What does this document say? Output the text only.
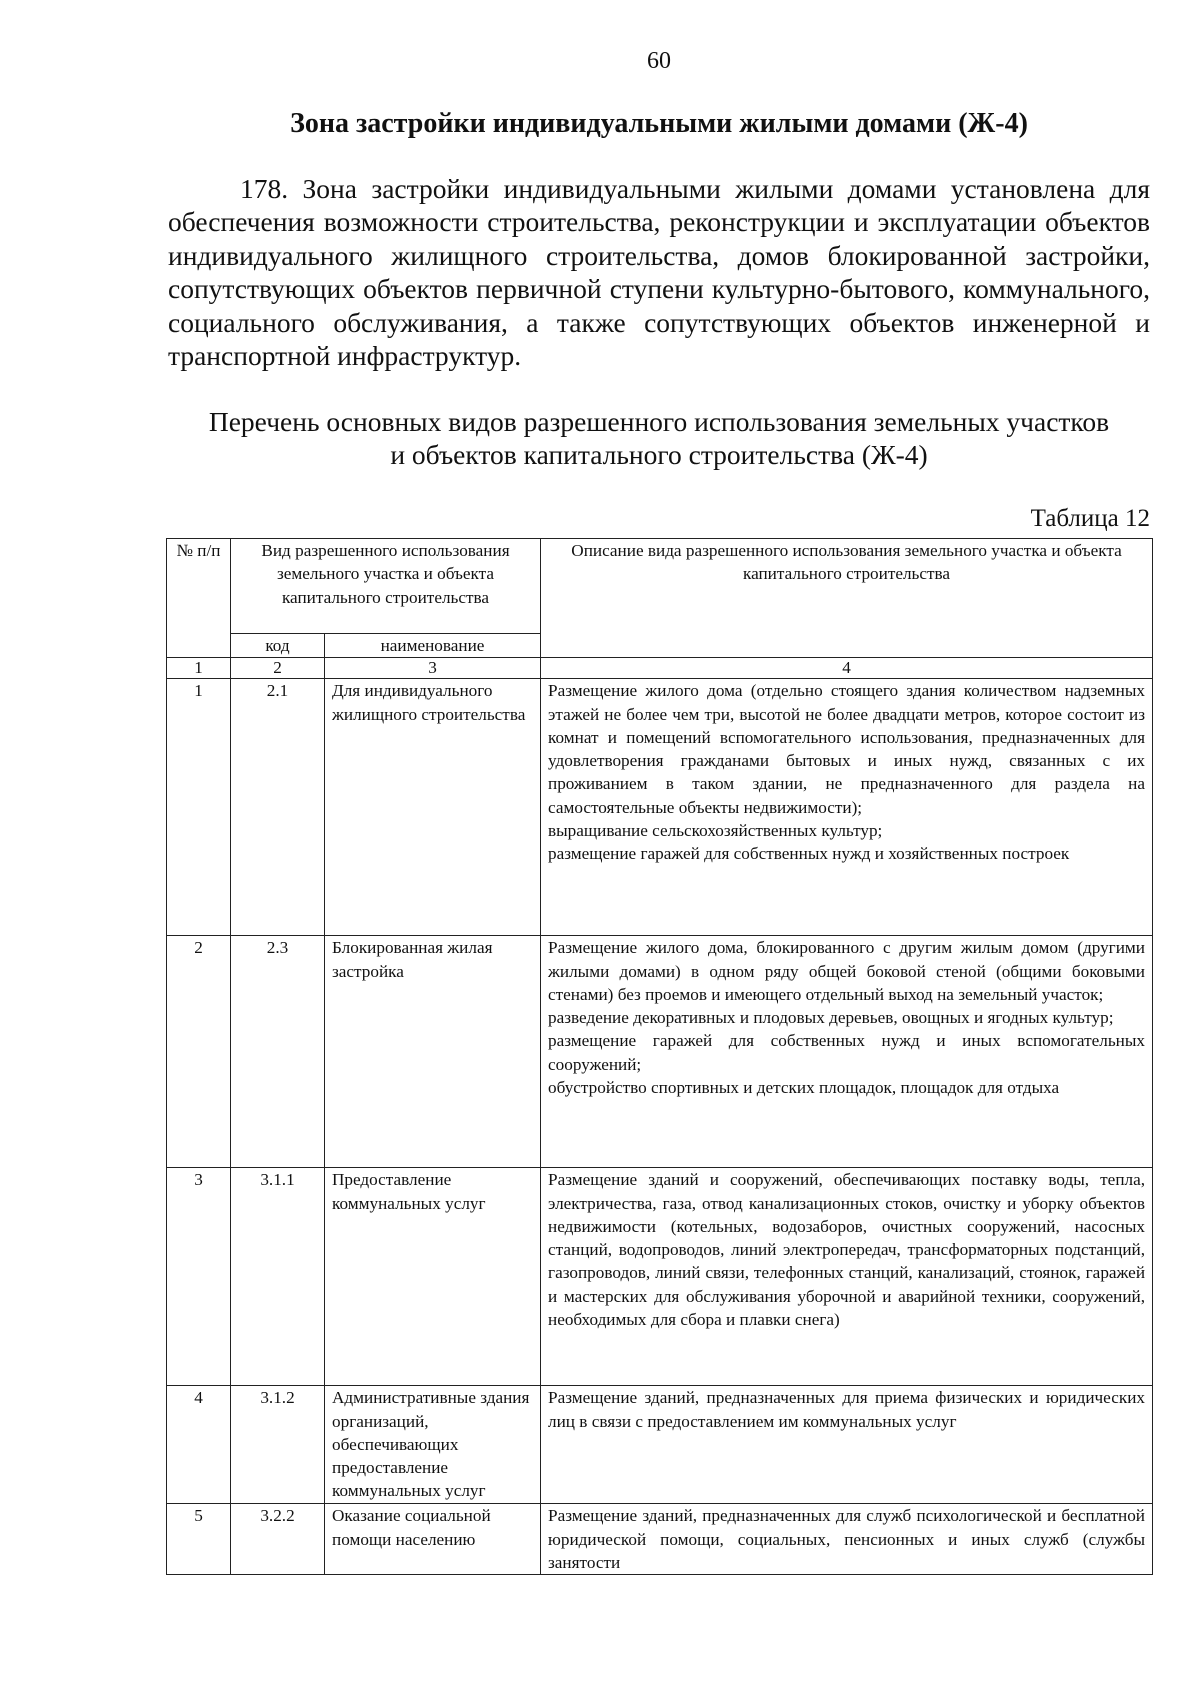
60
Зона застройки индивидуальными жилыми домами (Ж-4)

178. Зона застройки индивидуальными жилыми домами установлена для обеспечения возможности строительства, реконструкции и эксплуатации объектов индивидуального жилищного строительства, домов блокированной застройки, сопутствующих объектов первичной ступени культурно-бытового, коммунального, социального обслуживания, а также сопутствующих объектов инженерной и транспортной инфраструктур.

Перечень основных видов разрешенного использования земельных участков
и объектов капитального строительства (Ж-4)
Таблица 12
№ п/п	Вид разрешенного использования земельного участка и объекта капитального строительства		Описание вида разрешенного использования земельного участка и объекта капитального строительства
	код	наименование	
1	2	3	4
1	2.1	Для индивидуального жилищного строительства	Размещение жилого дома (отдельно стоящего здания количеством надземных этажей не более чем три, высотой не более двадцати метров, которое состоит из комнат и помещений вспомогательного использования, предназначенных для удовлетворения гражданами бытовых и иных нужд, связанных с их проживанием в таком здании, не предназначенного для раздела на самостоятельные объекты недвижимости);

выращивание сельскохозяйственных культур;

размещение гаражей для собственных нужд и хозяйственных построек

2	2.3	Блокированная жилая застройка	Размещение жилого дома, блокированного с другим жилым домом (другими жилыми домами) в одном ряду общей боковой стеной (общими боковыми стенами) без проемов и имеющего отдельный выход на земельный участок;

разведение декоративных и плодовых деревьев, овощных и ягодных культур;

размещение гаражей для собственных нужд и иных вспомогательных сооружений;

обустройство спортивных и детских площадок, площадок для отдыха

3	3.1.1	Предоставление коммунальных услуг	Размещение зданий и сооружений, обеспечивающих поставку воды, тепла, электричества, газа, отвод канализационных стоков, очистку и уборку объектов недвижимости (котельных, водозаборов, очистных сооружений, насосных станций, водопроводов, линий электропередач, трансформаторных подстанций, газопроводов, линий связи, телефонных станций, канализаций, стоянок, гаражей и мастерских для обслуживания уборочной и аварийной техники, сооружений, необходимых для сбора и плавки снега)

4	3.1.2	Административные здания организаций, обеспечивающих предоставление коммунальных услуг	Размещение зданий, предназначенных для приема физических и юридических лиц в связи с предоставлением им коммунальных услуг

5	3.2.2	Оказание социальной помощи населению	Размещение зданий, предназначенных для служб психологической и бесплатной юридической помощи, социальных, пенсионных и иных служб (службы занятости
